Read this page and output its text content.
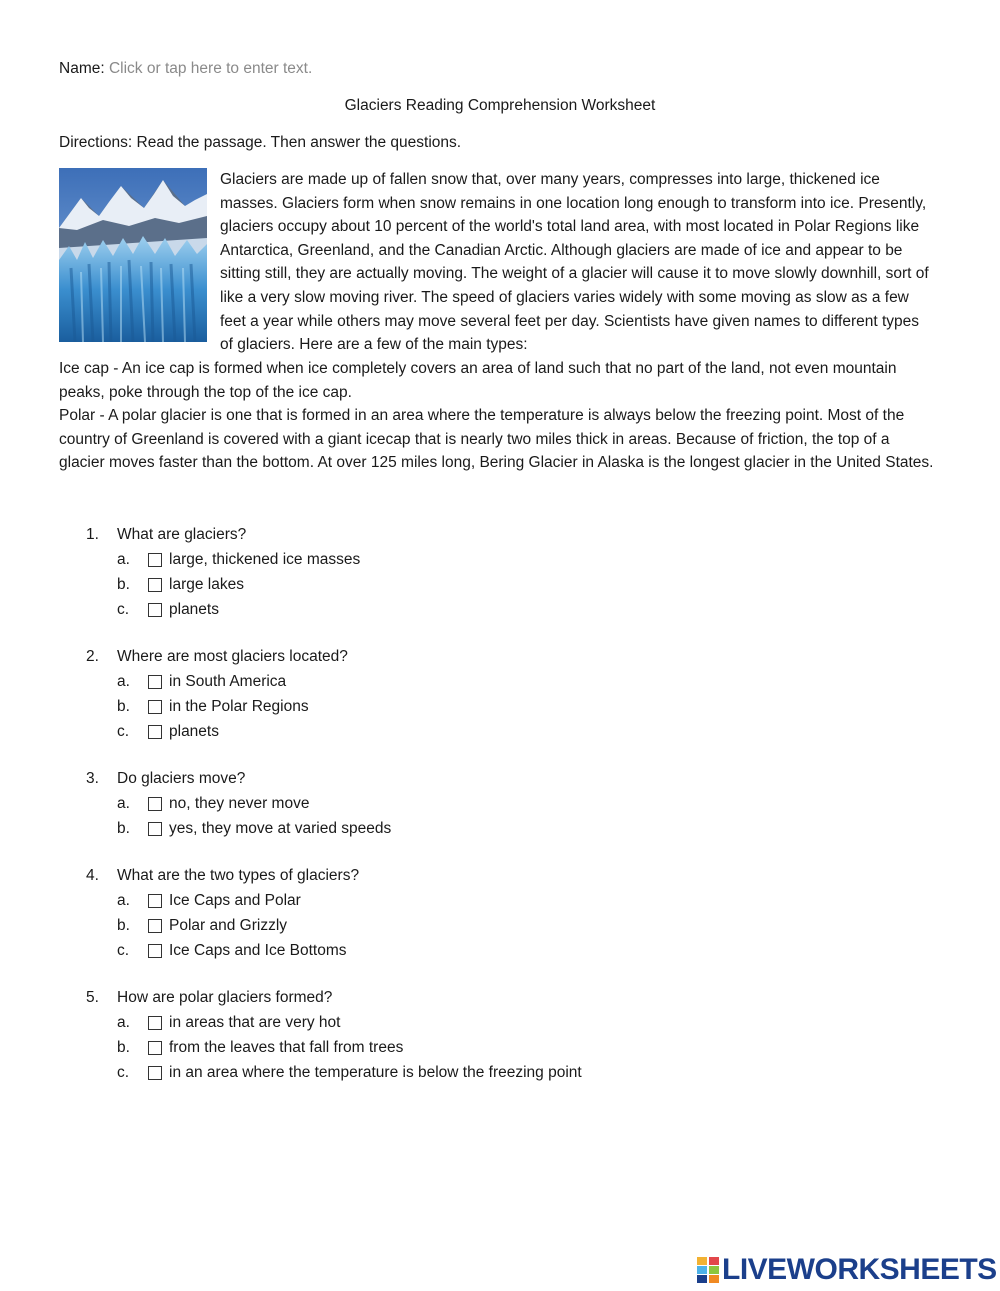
Name: Click or tap here to enter text.
Glaciers Reading Comprehension Worksheet
Directions: Read the passage. Then answer the questions.

Glaciers are made up of fallen snow that, over many years, compresses into large, thickened ice masses. Glaciers form when snow remains in one location long enough to transform into ice. Presently, glaciers occupy about 10 percent of the world's total land area, with most located in Polar Regions like Antarctica, Greenland, and the Canadian Arctic. Although glaciers are made of ice and appear to be sitting still, they are actually moving. The weight of a glacier will cause it to move slowly downhill, sort of like a very slow moving river. The speed of glaciers varies widely with some moving as slow as a few feet a year while others may move several feet per day. Scientists have given names to different types of glaciers. Here are a few of the main types:

Ice cap - An ice cap is formed when ice completely covers an area of land such that no part of the land, not even mountain peaks, poke through the top of the ice cap.

Polar - A polar glacier is one that is formed in an area where the temperature is always below the freezing point. Most of the country of Greenland is covered with a giant icecap that is nearly two miles thick in areas. Because of friction, the top of a glacier moves faster than the bottom. At over 125 miles long, Bering Glacier in Alaska is the longest glacier in the United States.

1.	What are glaciers?
a.	large, thickened ice masses
b.	large lakes
c.	planets
2.	Where are most glaciers located?
a.	in South America
b.	in the Polar Regions
c.	planets
3.	Do glaciers move?
a.	no, they never move
b.	yes, they move at varied speeds
4.	What are the two types of glaciers?
a.	Ice Caps and Polar
b.	Polar and Grizzly
c.	Ice Caps and Ice Bottoms
5.	How are polar glaciers formed?
a.	in areas that are very hot
b.	from the leaves that fall from trees
c.	in an area where the temperature is below the freezing point
LIVEWORKSHEETS
